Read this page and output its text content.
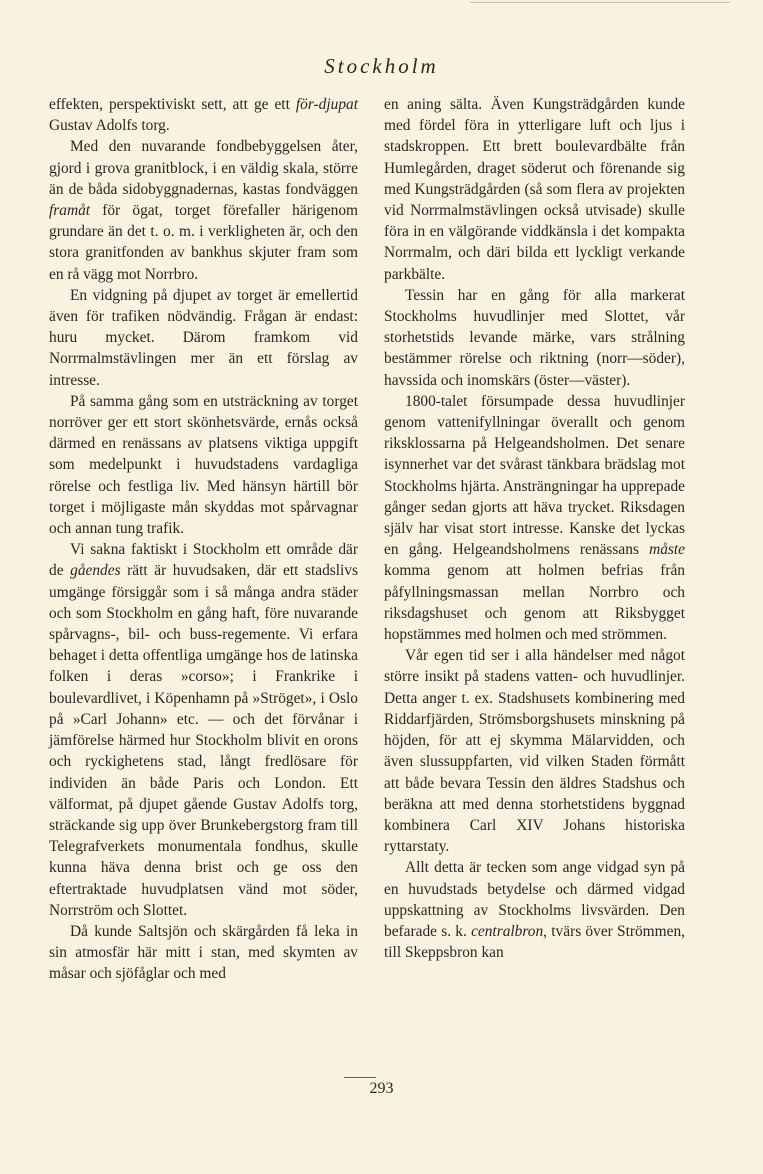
Stockholm

effekten, perspektiviskt sett, att ge ett för-djupat Gustav Adolfs torg.

Med den nuvarande fondbebyggelsen åter, gjord i grova granitblock, i en väldig skala, större än de båda sidobyggnadernas, kastas fondväggen framåt för ögat, torget förefaller härigenom grundare än det t. o. m. i verkligheten är, och den stora granitfonden av bankhus skjuter fram som en rå vägg mot Norrbro.

En vidgning på djupet av torget är emellertid även för trafiken nödvändig. Frågan är endast: huru mycket. Därom framkom vid Norrmalmstävlingen mer än ett förslag av intresse.

På samma gång som en utsträckning av torget norröver ger ett stort skönhetsvärde, ernås också därmed en renässans av platsens viktiga uppgift som medelpunkt i huvudstadens vardagliga rörelse och festliga liv. Med hänsyn härtill bör torget i möjligaste mån skyddas mot spårvagnar och annan tung trafik.

Vi sakna faktiskt i Stockholm ett område där de gåendes rätt är huvudsaken, där ett stadslivs umgänge försiggår som i så många andra städer och som Stockholm en gång haft, före nuvarande spårvagns-, bil- och buss-regemente. Vi erfara behaget i detta offentliga umgänge hos de latinska folken i deras »corso»; i Frankrike i boulevardlivet, i Köpenhamn på »Ströget», i Oslo på »Carl Johann» etc. — och det förvånar i jämförelse härmed hur Stockholm blivit en orons och ryckighetens stad, långt fredlösare för individen än både Paris och London. Ett välformat, på djupet gående Gustav Adolfs torg, sträckande sig upp över Brunkebergstorg fram till Telegrafverkets monumentala fondhus, skulle kunna häva denna brist och ge oss den eftertraktade huvudplatsen vänd mot söder, Norrström och Slottet.

Då kunde Saltsjön och skärgården få leka in sin atmosfär här mitt i stan, med skymten av måsar och sjöfåglar och med

en aning sälta. Även Kungsträdgården kunde med fördel föra in ytterligare luft och ljus i stadskroppen. Ett brett boulevardbälte från Humlegården, draget söderut och förenande sig med Kungsträdgården (så som flera av projekten vid Norrmalmstävlingen också utvisade) skulle föra in en välgörande viddkänsla i det kompakta Norrmalm, och däri bilda ett lyckligt verkande parkbälte.

Tessin har en gång för alla markerat Stockholms huvudlinjer med Slottet, vår storhetstids levande märke, vars strålning bestämmer rörelse och riktning (norr—söder), havssida och inomskärs (öster—väster).

1800-talet försumpade dessa huvudlinjer genom vattenifyllningar överallt och genom riksklossarna på Helgeandsholmen. Det senare isynnerhet var det svårast tänkbara brädslag mot Stockholms hjärta. Ansträngningar ha upprepade gånger sedan gjorts att häva trycket. Riksdagen själv har visat stort intresse. Kanske det lyckas en gång. Helgeandsholmens renässans måste komma genom att holmen befrias från påfyllningsmassan mellan Norrbro och riksdagshuset och genom att Riksbygget hopstämmes med holmen och med strömmen.

Vår egen tid ser i alla händelser med något större insikt på stadens vatten- och huvudlinjer. Detta anger t. ex. Stadshusets kombinering med Riddarfjärden, Strömsborgshusets minskning på höjden, för att ej skymma Mälarvidden, och även slussuppfarten, vid vilken Staden förmått att både bevara Tessin den äldres Stadshus och beräkna att med denna storhetstidens byggnad kombinera Carl XIV Johans historiska ryttarstaty.

Allt detta är tecken som ange vidgad syn på en huvudstads betydelse och därmed vidgad uppskattning av Stockholms livsvärden. Den befarade s. k. centralbron, tvärs över Strömmen, till Skeppsbron kan

293
